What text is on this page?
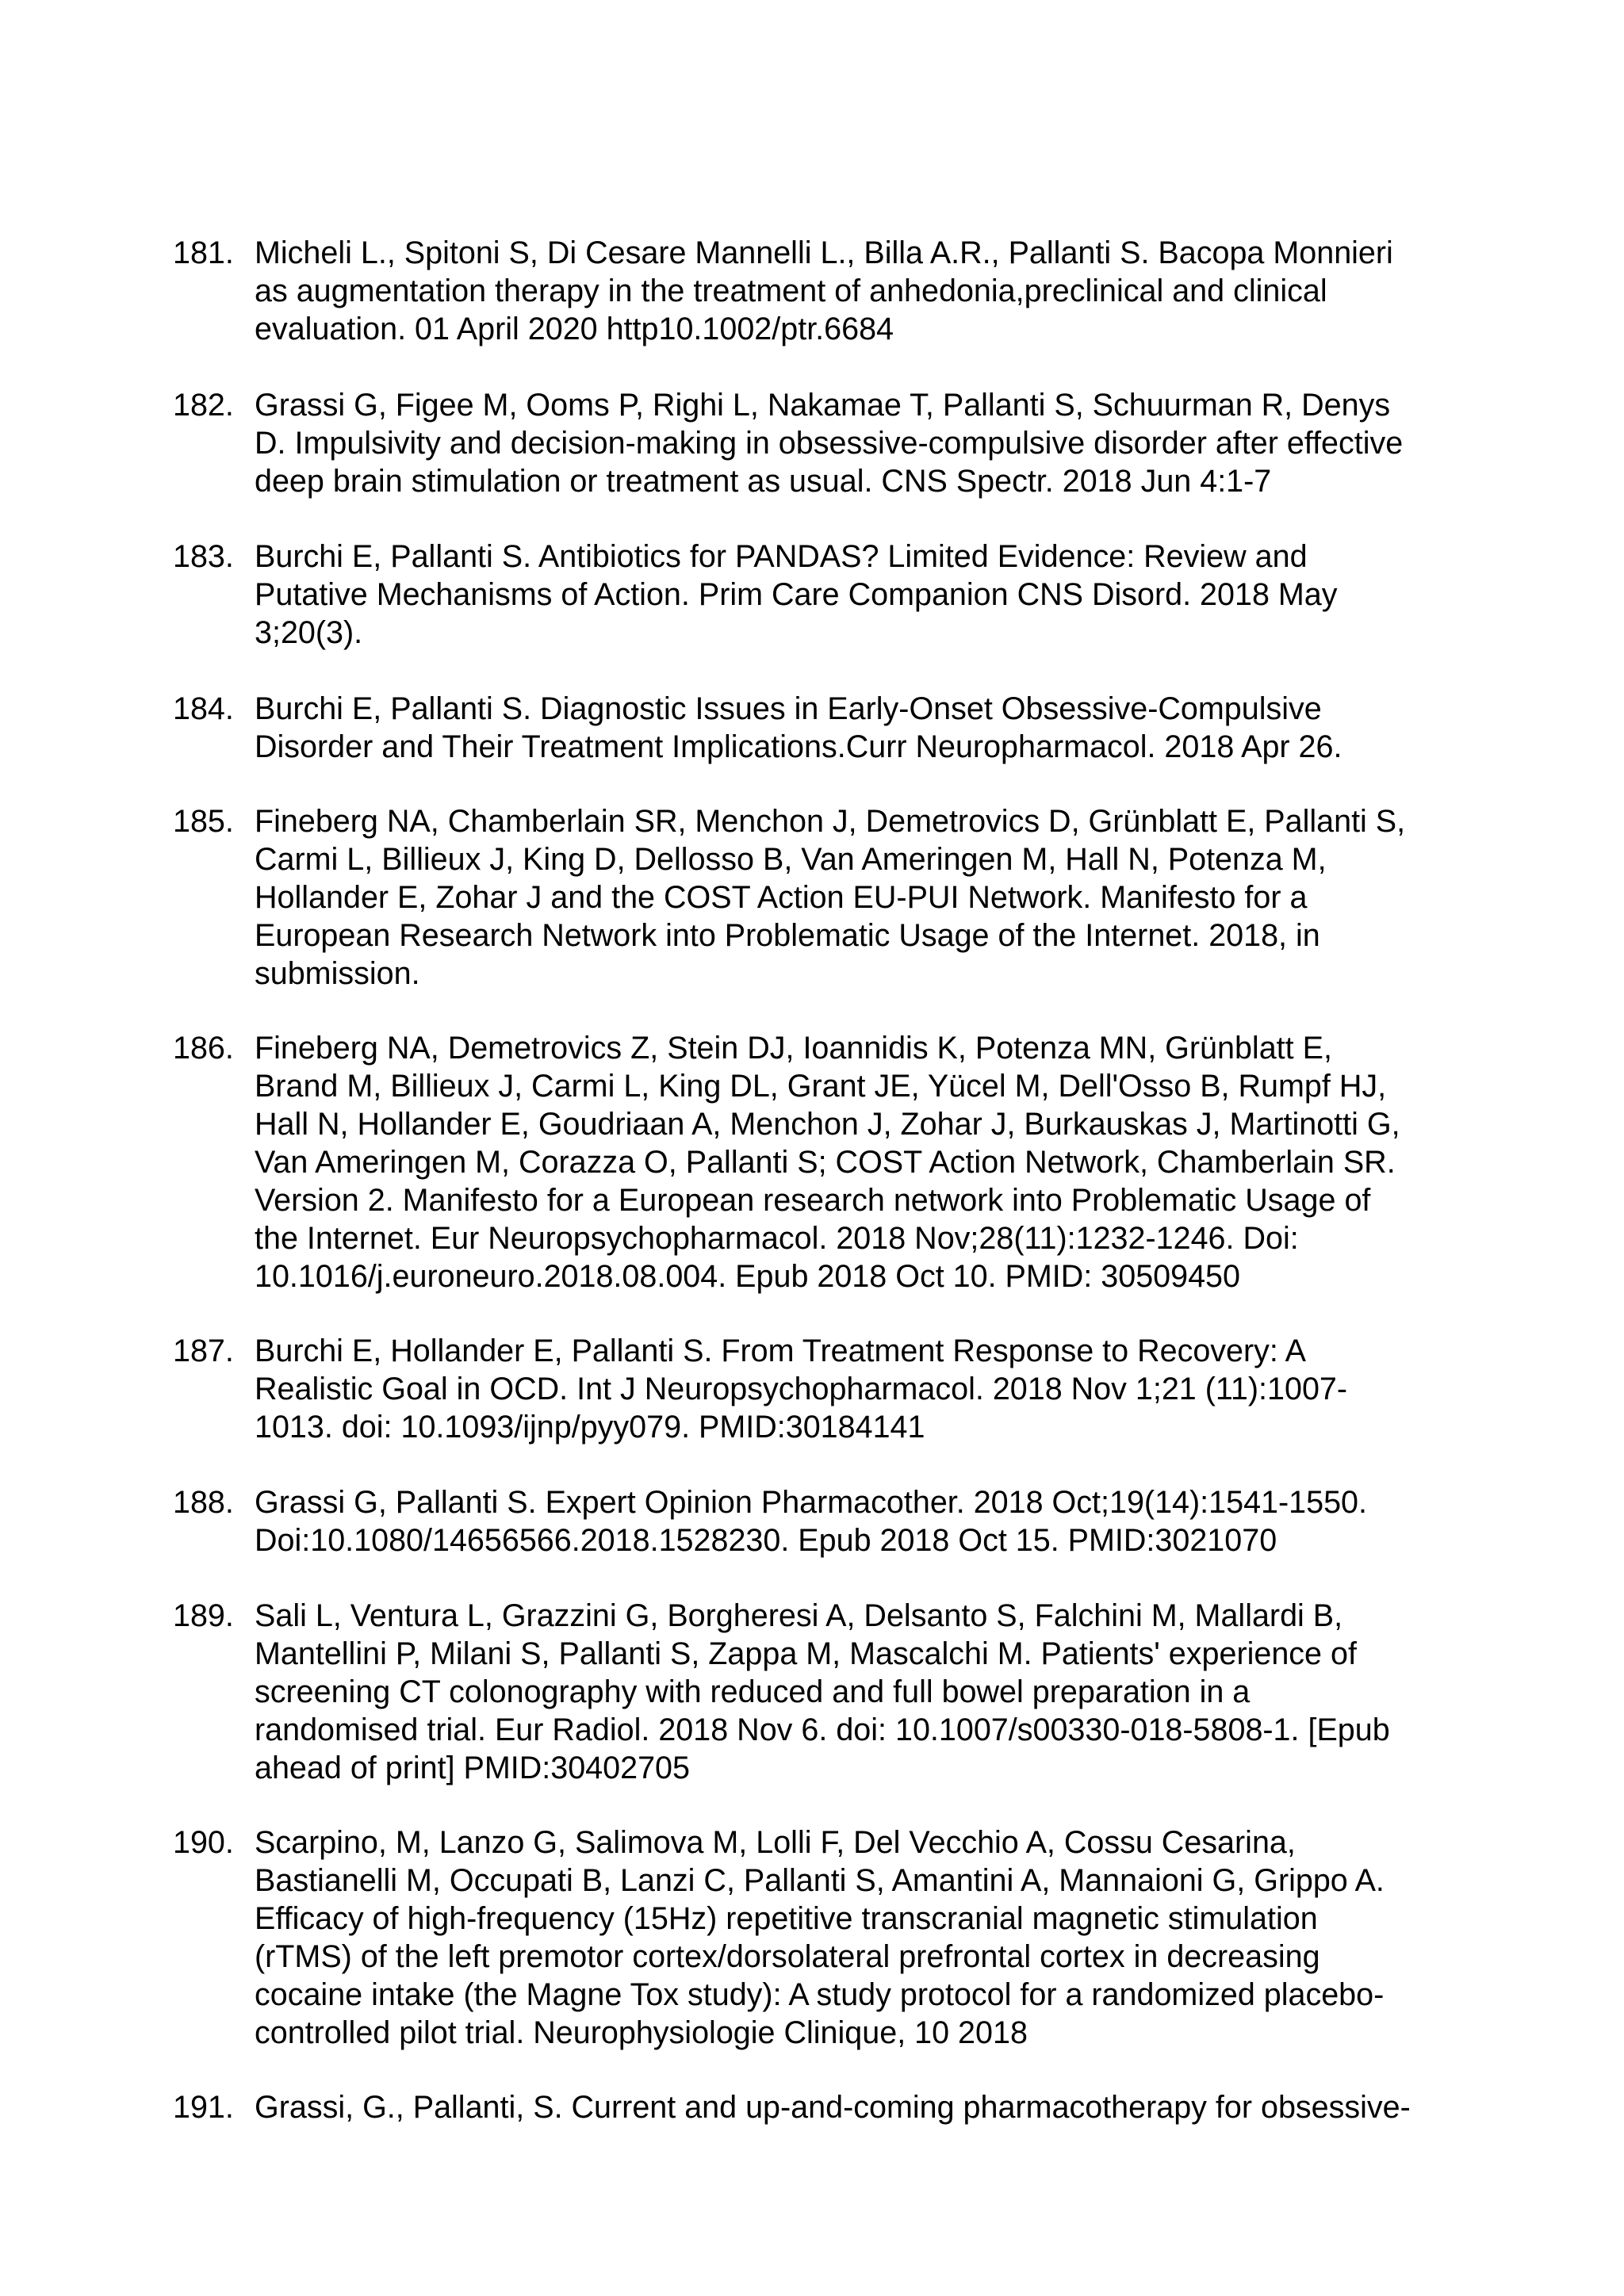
181. Micheli L., Spitoni S, Di Cesare Mannelli L., Billa A.R., Pallanti S. Bacopa Monnieri
as augmentation therapy in the treatment of anhedonia,preclinical and clinical
evaluation. 01 April 2020 http10.1002/ptr.6684
182. Grassi G, Figee M, Ooms P, Righi L, Nakamae T, Pallanti S, Schuurman R, Denys
D. Impulsivity and decision-making in obsessive-compulsive disorder after effective
deep brain stimulation or treatment as usual. CNS Spectr. 2018 Jun 4:1-7
183. Burchi E, Pallanti S. Antibiotics for PANDAS? Limited Evidence: Review and
Putative Mechanisms of Action. Prim Care Companion CNS Disord. 2018 May
3;20(3).
184. Burchi E, Pallanti S. Diagnostic Issues in Early-Onset Obsessive-Compulsive
Disorder and Their Treatment Implications.Curr Neuropharmacol. 2018 Apr 26.
185. Fineberg NA, Chamberlain SR, Menchon J, Demetrovics D, Grünblatt E, Pallanti S,
Carmi L, Billieux J, King D, Dellosso B, Van Ameringen M, Hall N, Potenza M,
Hollander E, Zohar J and the COST Action EU-PUI Network. Manifesto for a
European Research Network into Problematic Usage of the Internet. 2018, in
submission.
186. Fineberg NA, Demetrovics Z, Stein DJ, Ioannidis K, Potenza MN, Grünblatt E,
Brand M, Billieux J, Carmi L, King DL, Grant JE, Yücel M, Dell'Osso B, Rumpf HJ,
Hall N, Hollander E, Goudriaan A, Menchon J, Zohar J, Burkauskas J, Martinotti G,
Van Ameringen M, Corazza O, Pallanti S; COST Action Network, Chamberlain SR.
Version 2. Manifesto for a European research network into Problematic Usage of
the Internet. Eur Neuropsychopharmacol. 2018 Nov;28(11):1232-1246. Doi:
10.1016/j.euroneuro.2018.08.004. Epub 2018 Oct 10. PMID: 30509450
187. Burchi E, Hollander E, Pallanti S. From Treatment Response to Recovery: A
Realistic Goal in OCD. Int J Neuropsychopharmacol. 2018 Nov 1;21 (11):1007-
1013. doi: 10.1093/ijnp/pyy079. PMID:30184141
188. Grassi G, Pallanti S. Expert Opinion Pharmacother. 2018 Oct;19(14):1541-1550.
Doi:10.1080/14656566.2018.1528230. Epub 2018 Oct 15. PMID:3021070
189. Sali L, Ventura L, Grazzini G, Borgheresi A, Delsanto S, Falchini M, Mallardi B,
Mantellini P, Milani S, Pallanti S, Zappa M, Mascalchi M. Patients' experience of
screening CT colonography with reduced and full bowel preparation in a
randomised trial. Eur Radiol. 2018 Nov 6. doi: 10.1007/s00330-018-5808-1. [Epub
ahead of print] PMID:30402705
190. Scarpino, M, Lanzo G, Salimova M, Lolli F, Del Vecchio A, Cossu Cesarina,
Bastianelli M, Occupati B, Lanzi C, Pallanti S, Amantini A, Mannaioni G, Grippo A.
Efficacy of high-frequency (15Hz) repetitive transcranial magnetic stimulation
(rTMS) of the left premotor cortex/dorsolateral prefrontal cortex in decreasing
cocaine intake (the Magne Tox study): A study protocol for a randomized placebo-
controlled pilot trial. Neurophysiologie Clinique, 10 2018
191. Grassi, G., Pallanti, S. Current and up-and-coming pharmacotherapy for obsessive-
